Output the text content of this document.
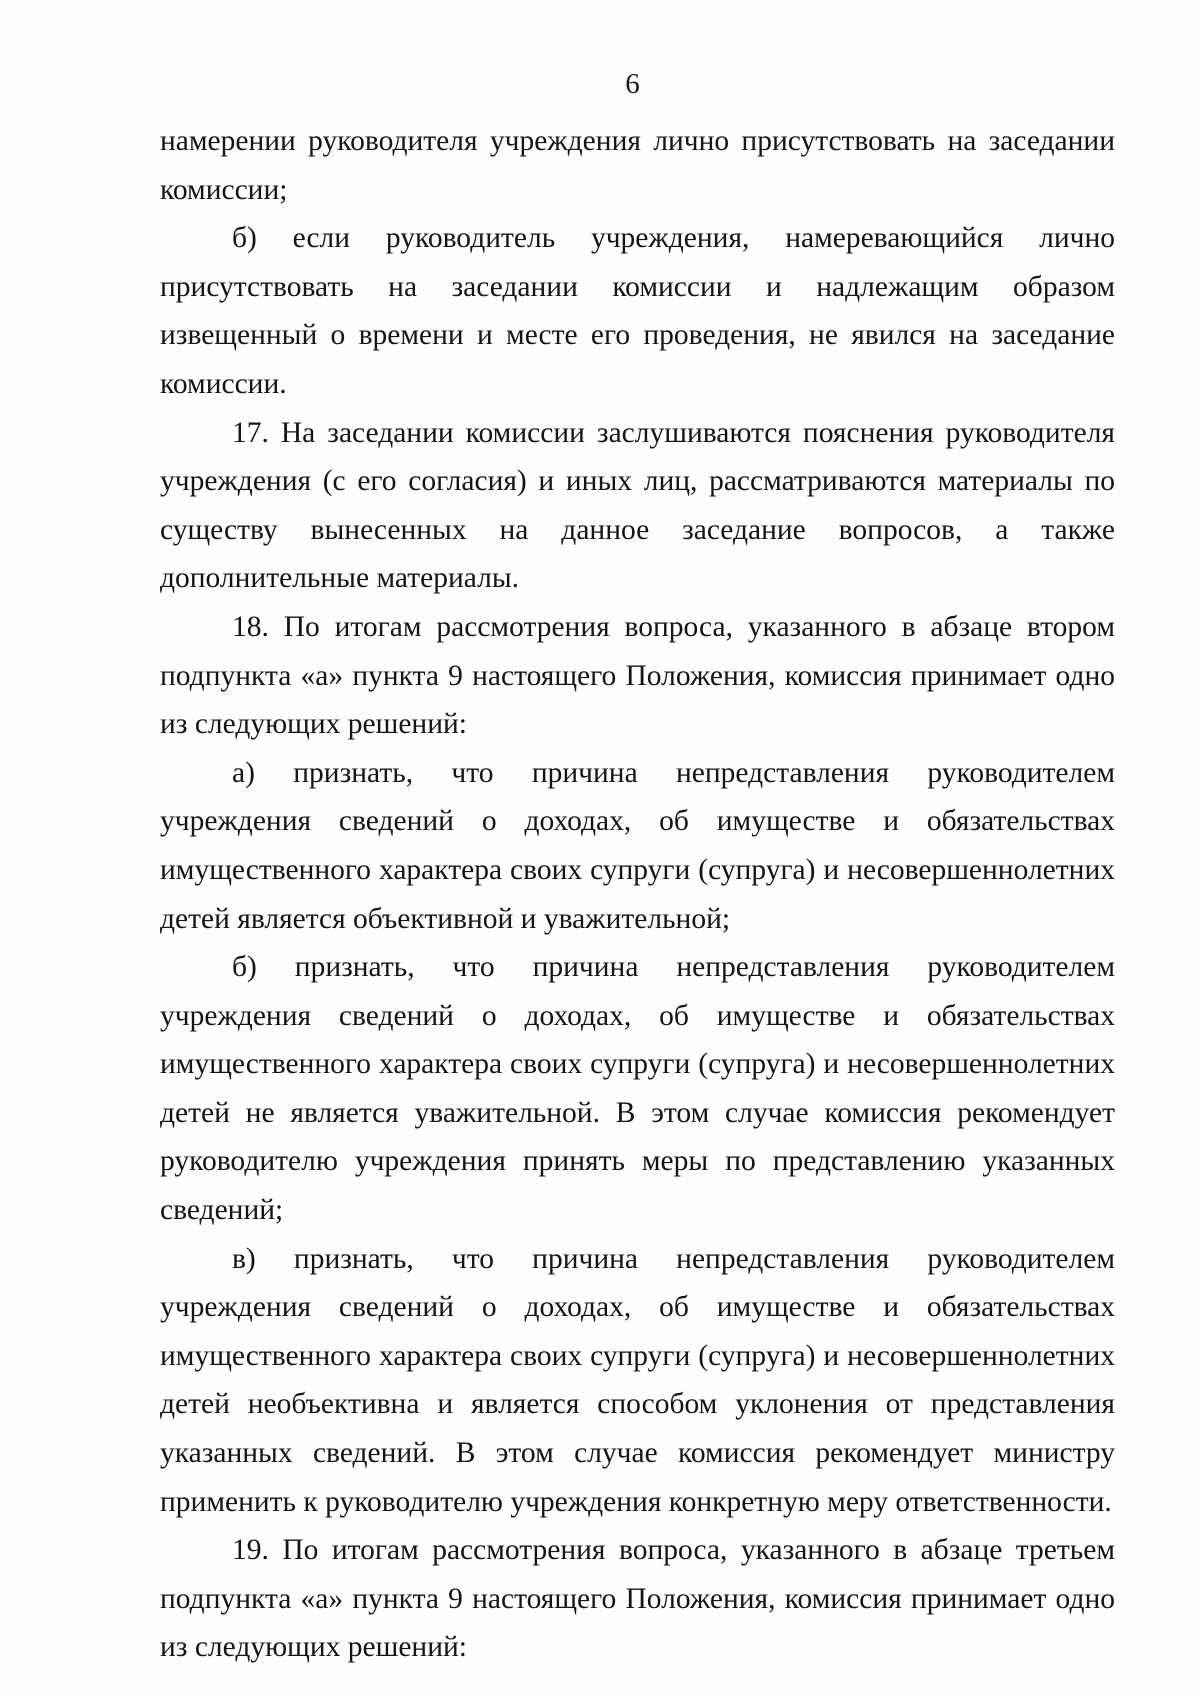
6

намерении руководителя учреждения лично присутствовать на заседании комиссии;

б) если руководитель учреждения, намеревающийся лично присутствовать на заседании комиссии и надлежащим образом извещенный о времени и месте его проведения, не явился на заседание комиссии.

17. На заседании комиссии заслушиваются пояснения руководителя учреждения (с его согласия) и иных лиц, рассматриваются материалы по существу вынесенных на данное заседание вопросов, а также дополнительные материалы.

18. По итогам рассмотрения вопроса, указанного в абзаце втором подпункта «а» пункта 9 настоящего Положения, комиссия принимает одно из следующих решений:

а) признать, что причина непредставления руководителем учреждения сведений о доходах, об имуществе и обязательствах имущественного характера своих супруги (супруга) и несовершеннолетних детей является объективной и уважительной;

б) признать, что причина непредставления руководителем учреждения сведений о доходах, об имуществе и обязательствах имущественного характера своих супруги (супруга) и несовершеннолетних детей не является уважительной. В этом случае комиссия рекомендует руководителю учреждения принять меры по представлению указанных сведений;

в) признать, что причина непредставления руководителем учреждения сведений о доходах, об имуществе и обязательствах имущественного характера своих супруги (супруга) и несовершеннолетних детей необъективна и является способом уклонения от представления указанных сведений. В этом случае комиссия рекомендует министру применить к руководителю учреждения конкретную меру ответственности.

19. По итогам рассмотрения вопроса, указанного в абзаце третьем подпункта «а» пункта 9 настоящего Положения, комиссия принимает одно из следующих решений:
